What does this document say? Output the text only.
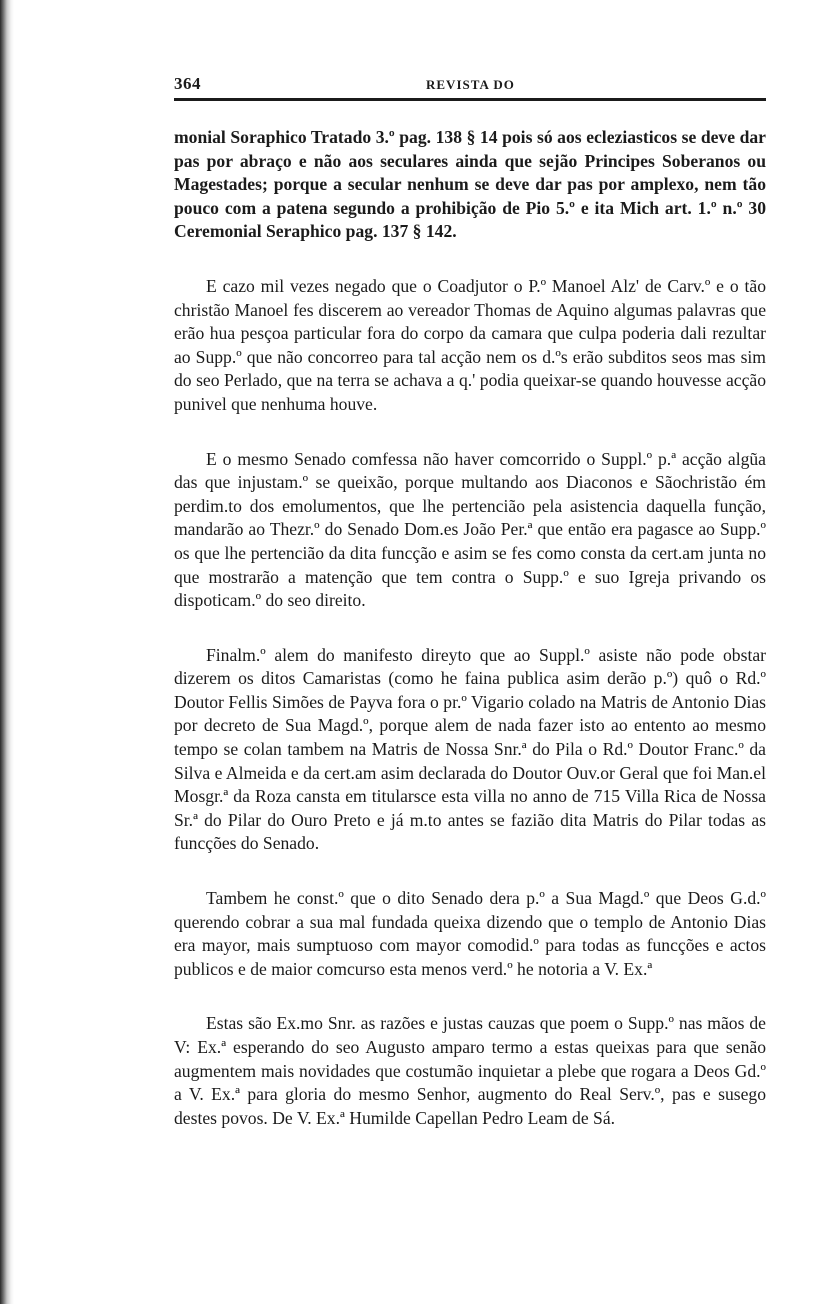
364	REVISTA DO

monial Soraphico Tratado 3.º pag. 138 § 14 pois só aos ecleziasticos se deve dar pas por abraço e não aos seculares ainda que sejão Principes Soberanos ou Magestades; porque a secular nenhum se deve dar pas por amplexo, nem tão pouco com a patena segundo a prohibição de Pio 5.º e ita Mich art. 1.º n.º 30 Ceremonial Seraphico pag. 137 § 142.

E cazo mil vezes negado que o Coadjutor o P.º Manoel Alz' de Carv.º e o tão christão Manoel fes discerem ao vereador Thomas de Aquino algumas palavras que erão hua pesçoa particular fora do corpo da camara que culpa poderia dali rezultar ao Supp.º que não concorreo para tal acção nem os d.ºs erão subditos seos mas sim do seo Perlado, que na terra se achava a q.' podia queixar-se quando houvesse acção punivel que nenhuma houve.

E o mesmo Senado comfessa não haver comcorrido o Suppl.º p.ª acção algũa das que injustam.º se queixão, porque multando aos Diaconos e Sãochristão ém perdim.to dos emolumentos, que lhe pertencião pela asistencia daquella função, mandarão ao Thezr.º do Senado Dom.es João Per.ª que então era pagasce ao Supp.º os que lhe pertencião da dita funcção e asim se fes como consta da cert.am junta no que mostrarão a matenção que tem contra o Supp.º e suo Igreja privando os dispoticam.º do seo direito.

Finalm.º alem do manifesto direyto que ao Suppl.º asiste não pode obstar dizerem os ditos Camaristas (como he faina publica asim derão p.º) quô o Rd.º Doutor Fellis Simões de Payva fora o pr.º Vigario colado na Matris de Antonio Dias por decreto de Sua Magd.º, porque alem de nada fazer isto ao entento ao mesmo tempo se colan tambem na Matris de Nossa Snr.ª do Pila o Rd.º Doutor Franc.º da Silva e Almeida e da cert.am asim declarada do Doutor Ouv.or Geral que foi Man.el Mosgr.ª da Roza cansta em titularsce esta villa no anno de 715 Villa Rica de Nossa Sr.ª do Pilar do Ouro Preto e já m.to antes se fazião dita Matris do Pilar todas as funcções do Senado.

Tambem he const.º que o dito Senado dera p.º a Sua Magd.º que Deos G.d.º querendo cobrar a sua mal fundada queixa dizendo que o templo de Antonio Dias era mayor, mais sumptuoso com mayor comodid.º para todas as funcções e actos publicos e de maior comcurso esta menos verd.º he notoria a V. Ex.ª

Estas são Ex.mo Snr. as razões e justas cauzas que poem o Supp.º nas mãos de V: Ex.ª esperando do seo Augusto amparo termo a estas queixas para que senão augmentem mais novidades que costumão inquietar a plebe que rogara a Deos Gd.º a V. Ex.ª para gloria do mesmo Senhor, augmento do Real Serv.º, pas e susego destes povos. De V. Ex.ª Humilde Capellan Pedro Leam de Sá.
